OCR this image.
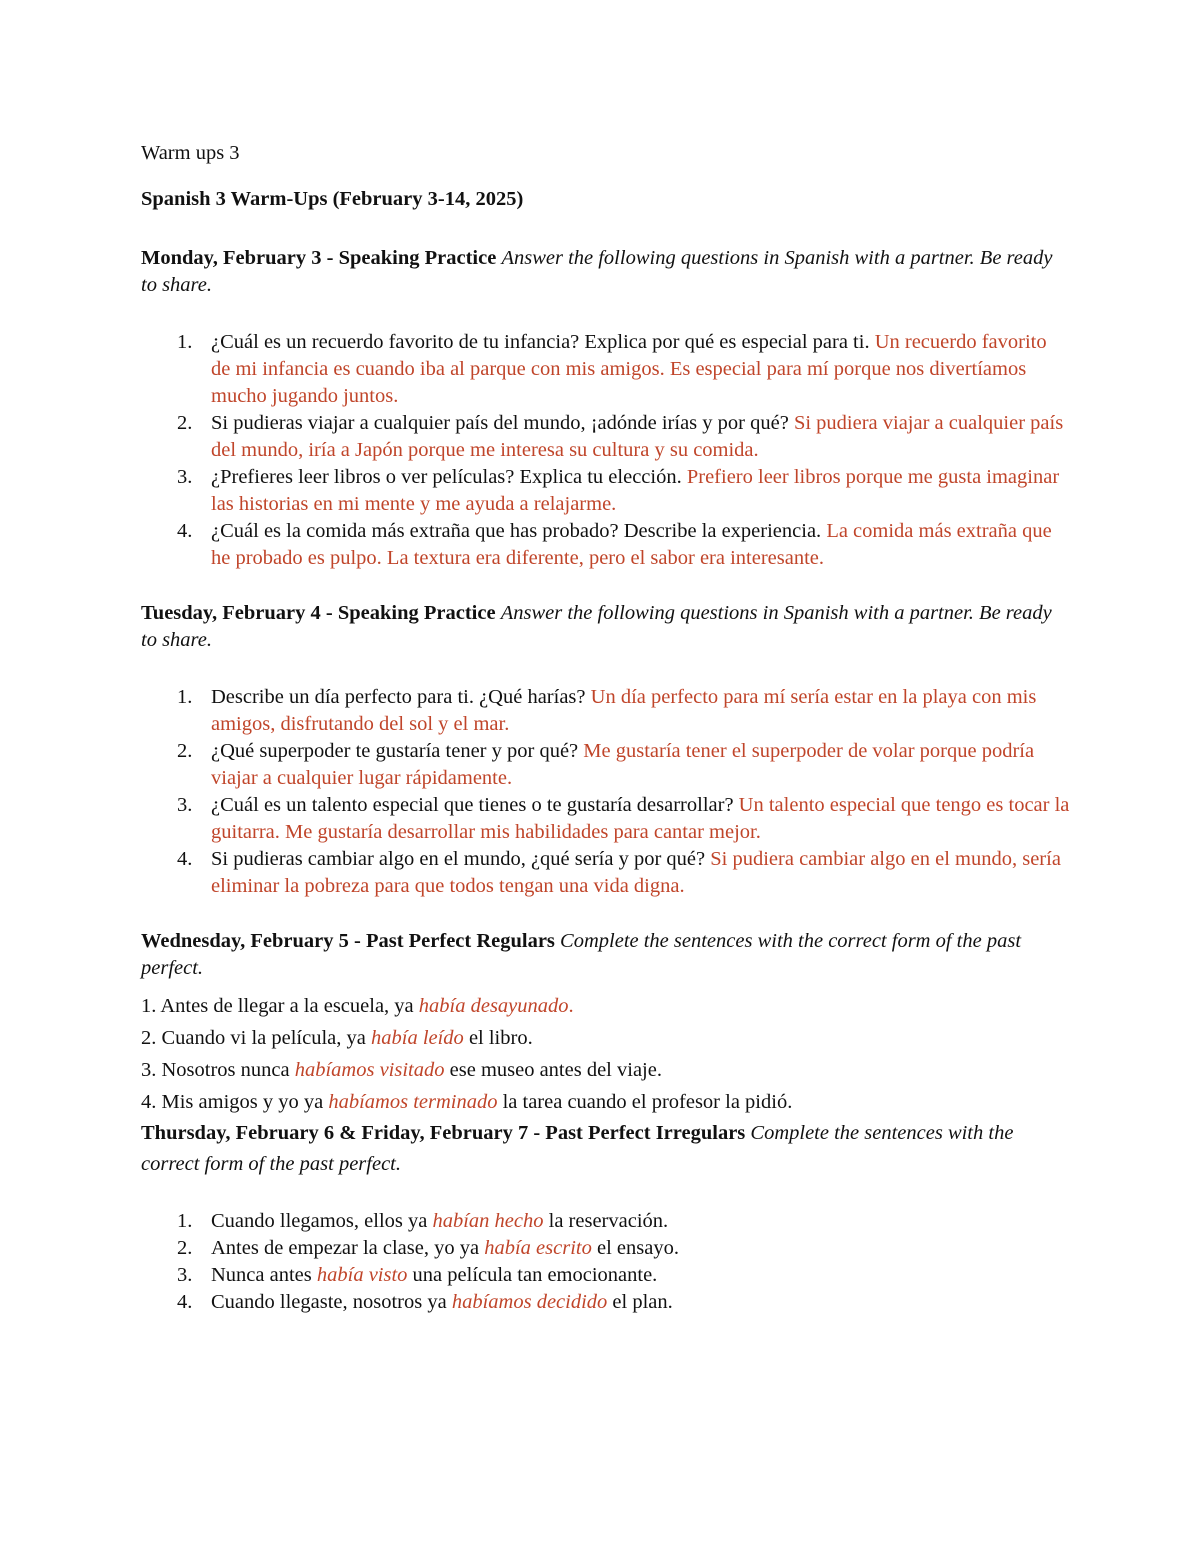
Warm ups 3

Spanish 3 Warm-Ups (February 3-14, 2025)

Monday, February 3 - Speaking Practice Answer the following questions in Spanish with a partner. Be ready to share.

1. ¿Cuál es un recuerdo favorito de tu infancia? Explica por qué es especial para ti. Un recuerdo favorito de mi infancia es cuando iba al parque con mis amigos. Es especial para mí porque nos divertíamos mucho jugando juntos.
2. Si pudieras viajar a cualquier país del mundo, ¡adónde irías y por qué? Si pudiera viajar a cualquier país del mundo, iría a Japón porque me interesa su cultura y su comida.
3. ¿Prefieres leer libros o ver películas? Explica tu elección. Prefiero leer libros porque me gusta imaginar las historias en mi mente y me ayuda a relajarme.
4. ¿Cuál es la comida más extraña que has probado? Describe la experiencia. La comida más extraña que he probado es pulpo. La textura era diferente, pero el sabor era interesante.

Tuesday, February 4 - Speaking Practice Answer the following questions in Spanish with a partner. Be ready to share.

1. Describe un día perfecto para ti. ¿Qué harías? Un día perfecto para mí sería estar en la playa con mis amigos, disfrutando del sol y el mar.
2. ¿Qué superpoder te gustaría tener y por qué? Me gustaría tener el superpoder de volar porque podría viajar a cualquier lugar rápidamente.
3. ¿Cuál es un talento especial que tienes o te gustaría desarrollar? Un talento especial que tengo es tocar la guitarra. Me gustaría desarrollar mis habilidades para cantar mejor.
4. Si pudieras cambiar algo en el mundo, ¿qué sería y por qué? Si pudiera cambiar algo en el mundo, sería eliminar la pobreza para que todos tengan una vida digna.

Wednesday, February 5 - Past Perfect Regulars Complete the sentences with the correct form of the past perfect.

1. Antes de llegar a la escuela, ya había desayunado.

2. Cuando vi la película, ya había leído el libro.

3. Nosotros nunca habíamos visitado ese museo antes del viaje.

4. Mis amigos y yo ya habíamos terminado la tarea cuando el profesor la pidió.

Thursday, February 6 & Friday, February 7 - Past Perfect Irregulars Complete the sentences with the correct form of the past perfect.

1. Cuando llegamos, ellos ya habían hecho la reservación.
2. Antes de empezar la clase, yo ya había escrito el ensayo.
3. Nunca antes había visto una película tan emocionante.
4. Cuando llegaste, nosotros ya habíamos decidido el plan.
